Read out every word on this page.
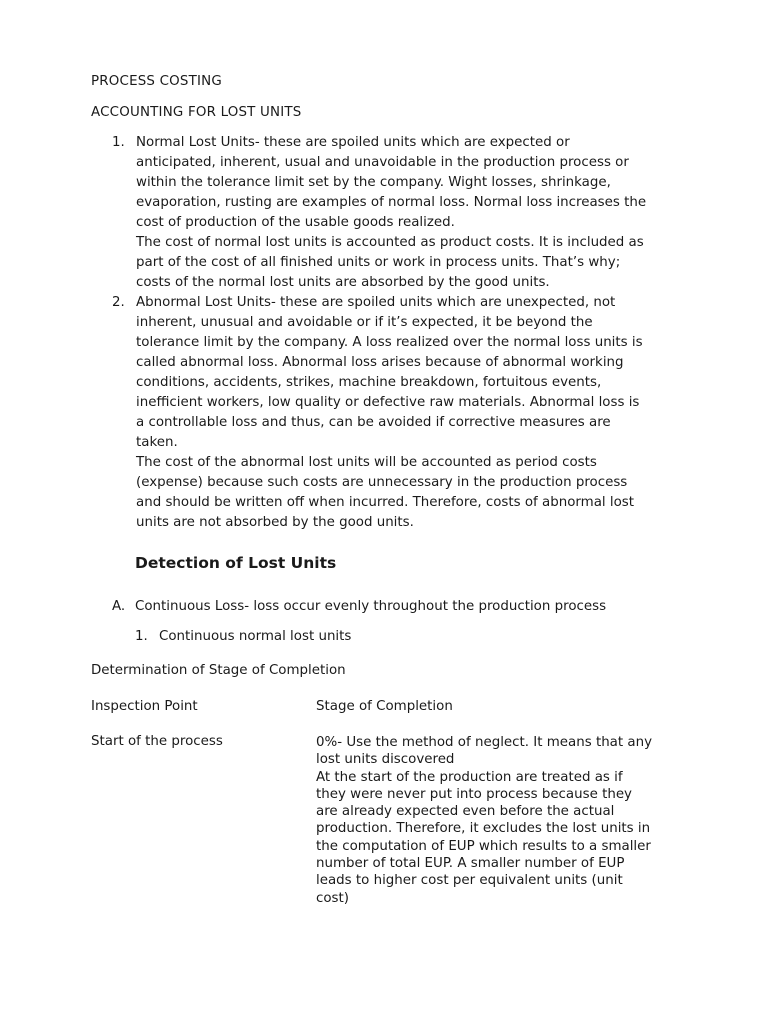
PROCESS COSTING
ACCOUNTING FOR LOST UNITS
1. Normal Lost Units- these are spoiled units which are expected or
anticipated, inherent, usual and unavoidable in the production process or
within the tolerance limit set by the company. Wight losses, shrinkage,
evaporation, rusting are examples of normal loss. Normal loss increases the
cost of production of the usable goods realized.
The cost of normal lost units is accounted as product costs. It is included as
part of the cost of all finished units or work in process units. That’s why;
costs of the normal lost units are absorbed by the good units.
2. Abnormal Lost Units- these are spoiled units which are unexpected, not
inherent, unusual and avoidable or if it’s expected, it be beyond the
tolerance limit by the company. A loss realized over the normal loss units is
called abnormal loss. Abnormal loss arises because of abnormal working
conditions, accidents, strikes, machine breakdown, fortuitous events,
inefficient workers, low quality or defective raw materials. Abnormal loss is
a controllable loss and thus, can be avoided if corrective measures are
taken.
The cost of the abnormal lost units will be accounted as period costs
(expense) because such costs are unnecessary in the production process
and should be written off when incurred. Therefore, costs of abnormal lost
units are not absorbed by the good units.
Detection of Lost Units
A. Continuous Loss- loss occur evenly throughout the production process
1. Continuous normal lost units
Determination of Stage of Completion
Inspection Point	Stage of Completion
Start of the process	0%- Use the method of neglect. It means that any
lost units discovered
At the start of the production are treated as if
they were never put into process because they
are already expected even before the actual
production. Therefore, it excludes the lost units in
the computation of EUP which results to a smaller
number of total EUP. A smaller number of EUP
leads to higher cost per equivalent units (unit
cost)
